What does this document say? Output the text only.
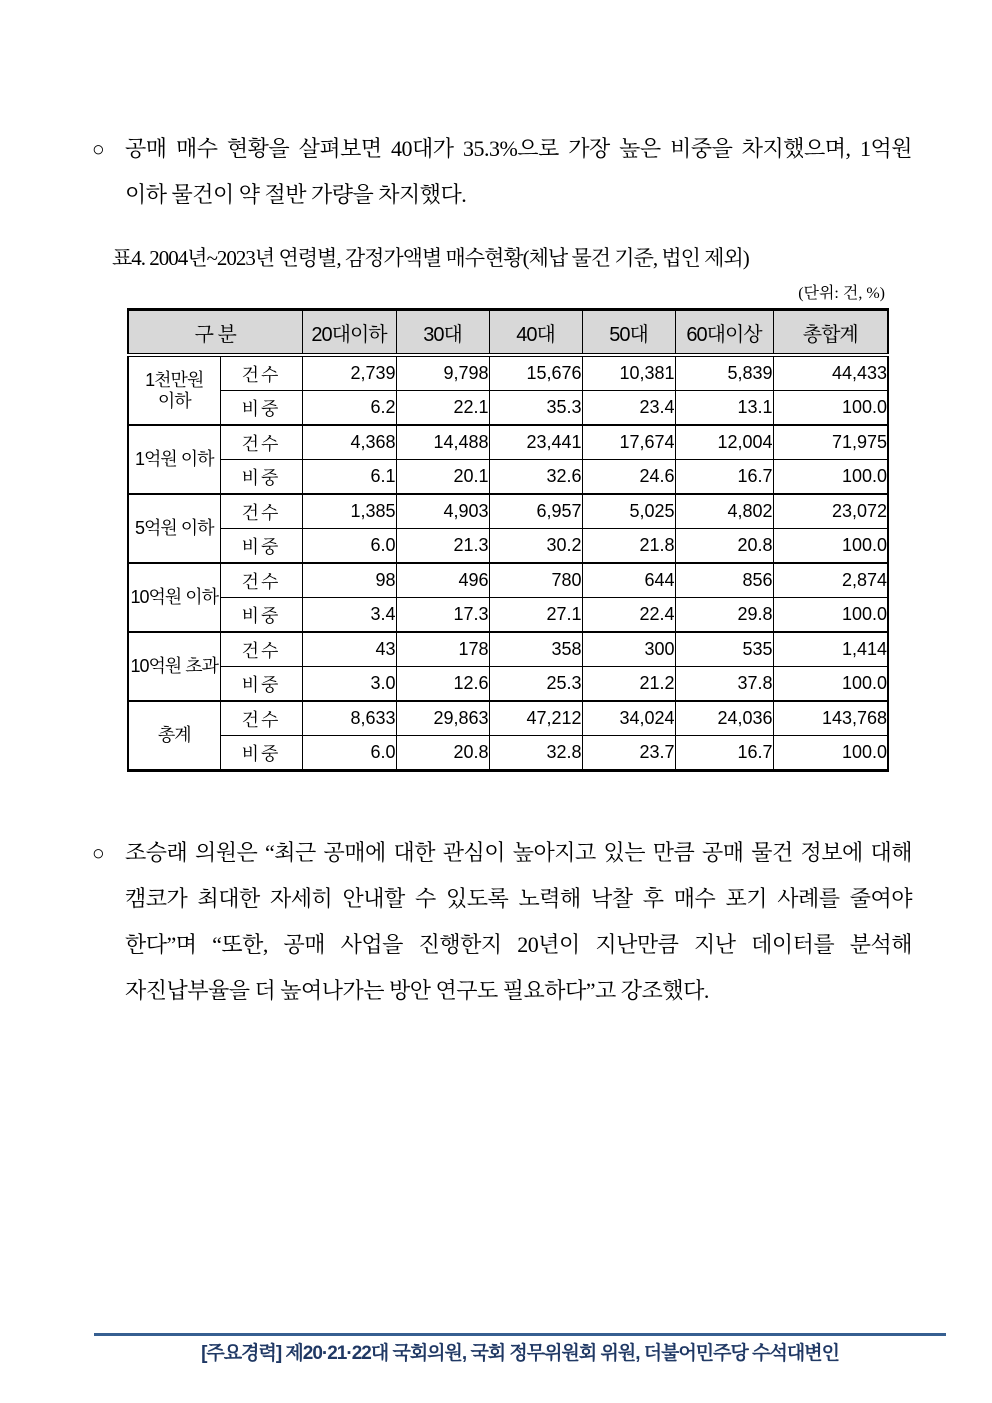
○ 공매 매수 현황을 살펴보면 40대가 35.3%으로 가장 높은 비중을 차지했으며, 1억원 이하 물건이 약 절반 가량을 차지했다.

표4. 2004년~2023년 연령별, 감정가액별 매수현황(체납 물건 기준, 법인 제외)
(단위: 건, %)
구 분		20대이하	30대	40대	50대	60대이상	총합계
1천만원 이하	건수	2,739	9,798	15,676	10,381	5,839	44,433
	비중	6.2	22.1	35.3	23.4	13.1	100.0
1억원 이하	건수	4,368	14,488	23,441	17,674	12,004	71,975
	비중	6.1	20.1	32.6	24.6	16.7	100.0
5억원 이하	건수	1,385	4,903	6,957	5,025	4,802	23,072
	비중	6.0	21.3	30.2	21.8	20.8	100.0
10억원 이하	건수	98	496	780	644	856	2,874
	비중	3.4	17.3	27.1	22.4	29.8	100.0
10억원 초과	건수	43	178	358	300	535	1,414
	비중	3.0	12.6	25.3	21.2	37.8	100.0
총계	건수	8,633	29,863	47,212	34,024	24,036	143,768
	비중	6.0	20.8	32.8	23.7	16.7	100.0
○ 조승래 의원은 “최근 공매에 대한 관심이 높아지고 있는 만큼 공매 물건 정보에 대해 캠코가 최대한 자세히 안내할 수 있도록 노력해 낙찰 후 매수 포기 사례를 줄여야 한다”며 “또한, 공매 사업을 진행한지 20년이 지난만큼 지난 데이터를 분석해 자진납부율을 더 높여나가는 방안 연구도 필요하다”고 강조했다.

[주요경력] 제20·21·22대 국회의원, 국회 정무위원회 위원, 더불어민주당 수석대변인
